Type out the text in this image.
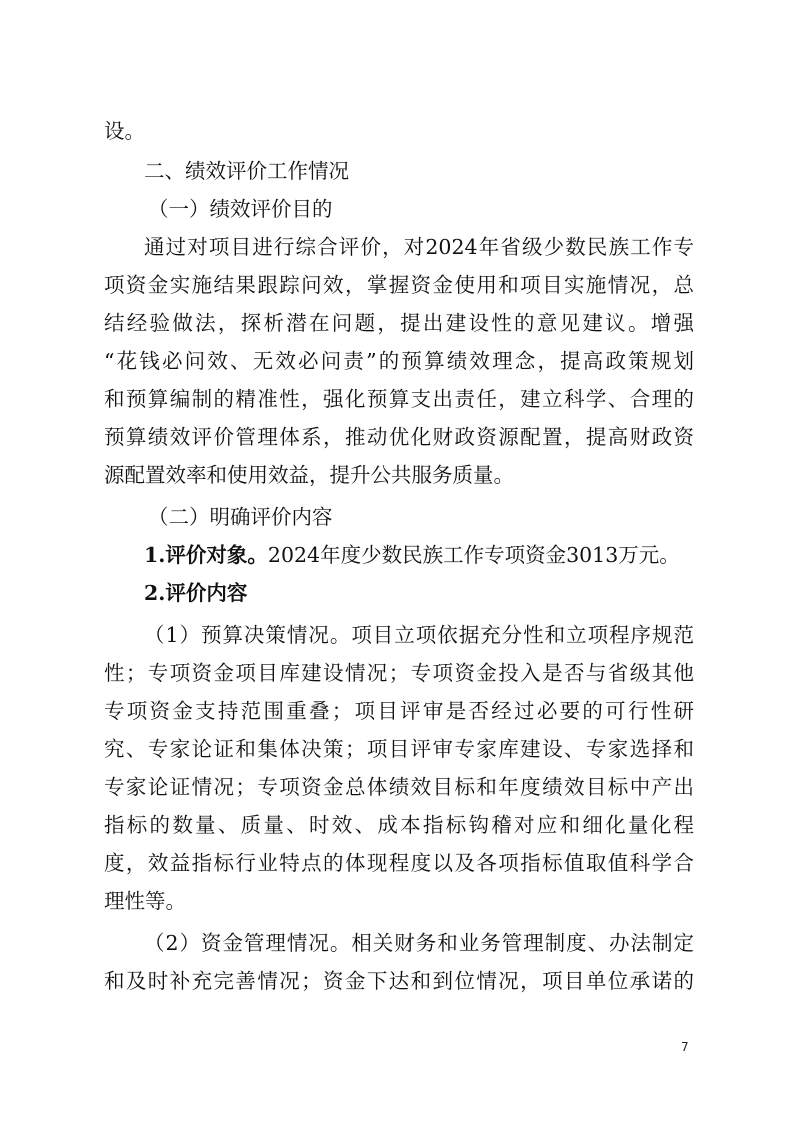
设。
二、绩效评价工作情况
（一）绩效评价目的
通过对项目进行综合评价，对2024年省级少数民族工作专
项资金实施结果跟踪问效，掌握资金使用和项目实施情况，总
结经验做法，探析潜在问题，提出建设性的意见建议。增强
“花钱必问效、无效必问责”的预算绩效理念，提高政策规划
和预算编制的精准性，强化预算支出责任，建立科学、合理的
预算绩效评价管理体系，推动优化财政资源配置，提高财政资
源配置效率和使用效益，提升公共服务质量。
（二）明确评价内容
1.评价对象。2024年度少数民族工作专项资金3013万元。
2.评价内容
（1）预算决策情况。项目立项依据充分性和立项程序规范
性；专项资金项目库建设情况；专项资金投入是否与省级其他
专项资金支持范围重叠；项目评审是否经过必要的可行性研
究、专家论证和集体决策；项目评审专家库建设、专家选择和
专家论证情况；专项资金总体绩效目标和年度绩效目标中产出
指标的数量、质量、时效、成本指标钩稽对应和细化量化程
度，效益指标行业特点的体现程度以及各项指标值取值科学合
理性等。
（2）资金管理情况。相关财务和业务管理制度、办法制定
和及时补充完善情况；资金下达和到位情况，项目单位承诺的
7
